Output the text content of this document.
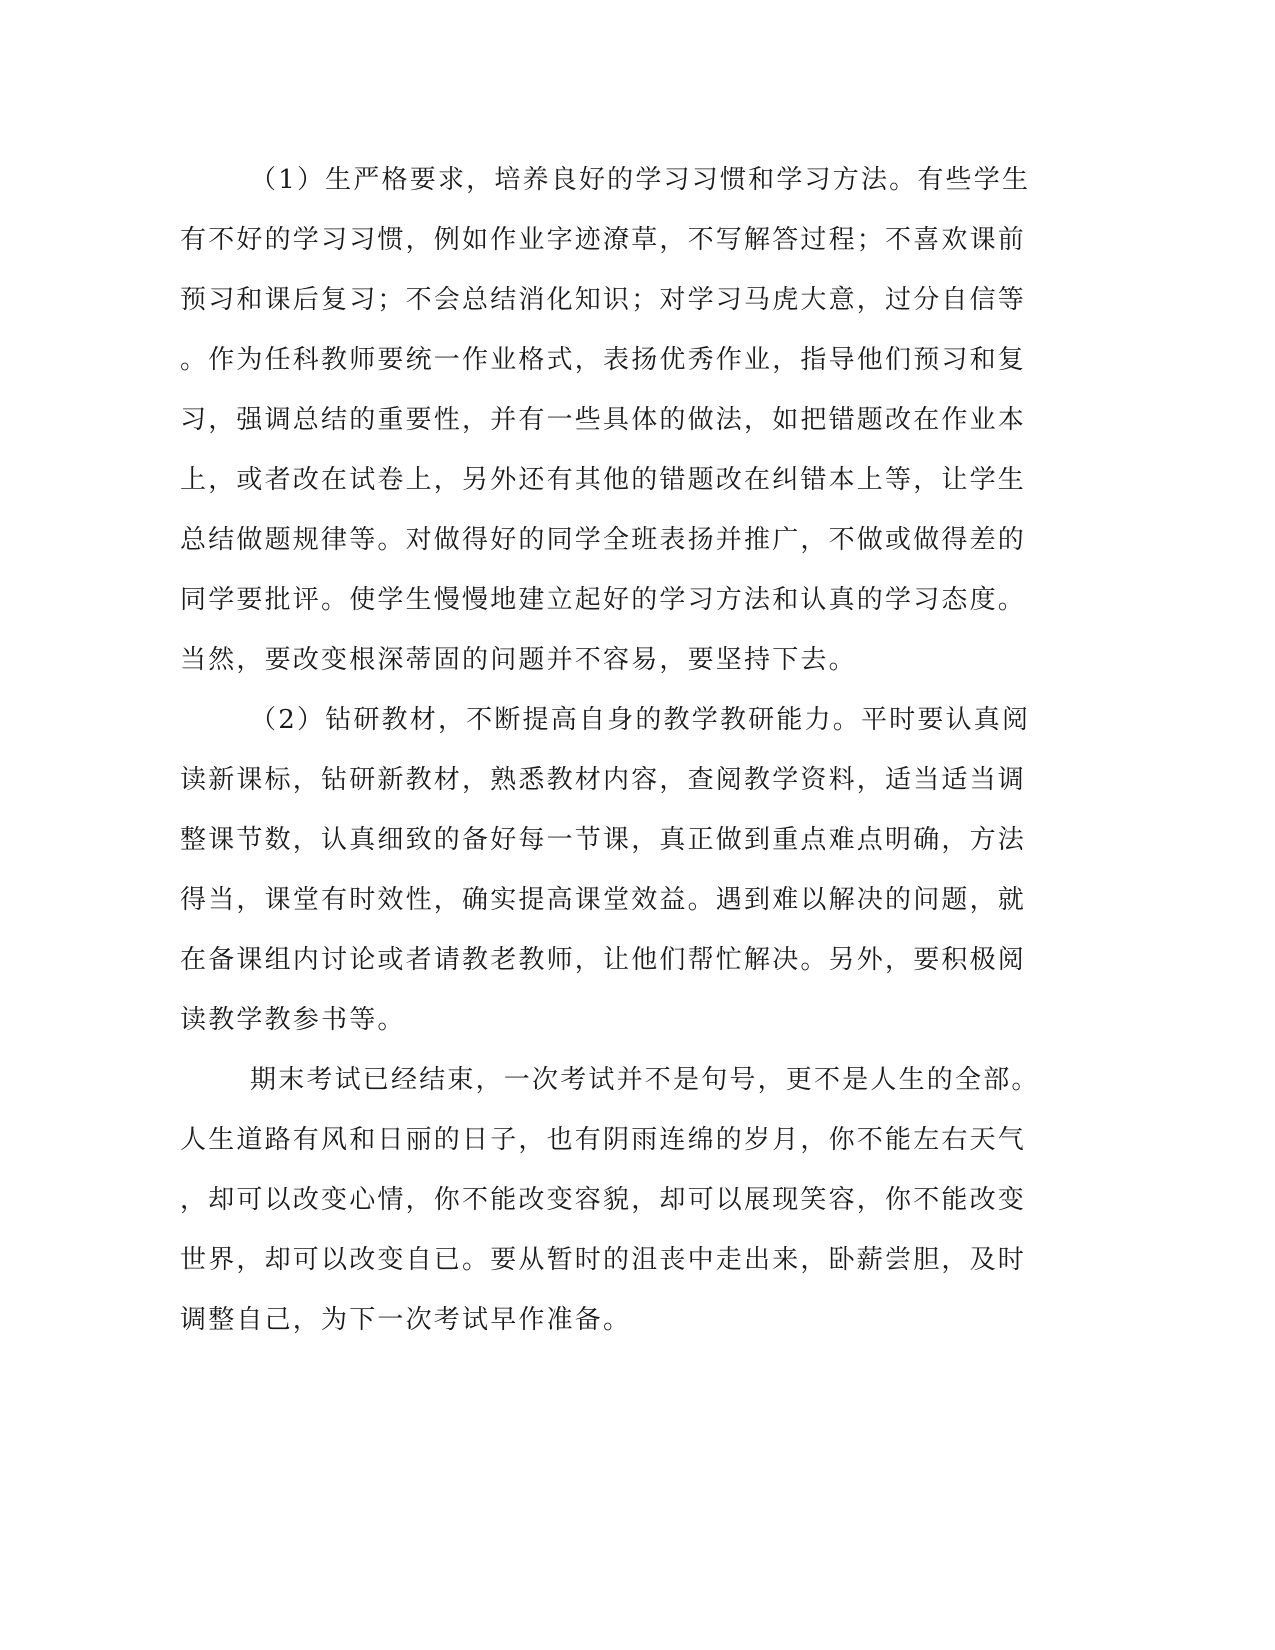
（1）生严格要求，培养良好的学习习惯和学习方法。有些学生
有不好的学习习惯，例如作业字迹潦草，不写解答过程；不喜欢课前
预习和课后复习；不会总结消化知识；对学习马虎大意，过分自信等
。作为任科教师要统一作业格式，表扬优秀作业，指导他们预习和复
习，强调总结的重要性，并有一些具体的做法，如把错题改在作业本
上，或者改在试卷上，另外还有其他的错题改在纠错本上等，让学生
总结做题规律等。对做得好的同学全班表扬并推广，不做或做得差的
同学要批评。使学生慢慢地建立起好的学习方法和认真的学习态度。
当然，要改变根深蒂固的问题并不容易，要坚持下去。
（2）钻研教材，不断提高自身的教学教研能力。平时要认真阅
读新课标，钻研新教材，熟悉教材内容，查阅教学资料，适当适当调
整课节数，认真细致的备好每一节课，真正做到重点难点明确，方法
得当，课堂有时效性，确实提高课堂效益。遇到难以解决的问题，就
在备课组内讨论或者请教老教师，让他们帮忙解决。另外，要积极阅
读教学教参书等。
期末考试已经结束，一次考试并不是句号，更不是人生的全部。
人生道路有风和日丽的日子，也有阴雨连绵的岁月，你不能左右天气
，却可以改变心情，你不能改变容貌，却可以展现笑容，你不能改变
世界，却可以改变自已。要从暂时的沮丧中走出来，卧薪尝胆，及时
调整自己，为下一次考试早作准备。
